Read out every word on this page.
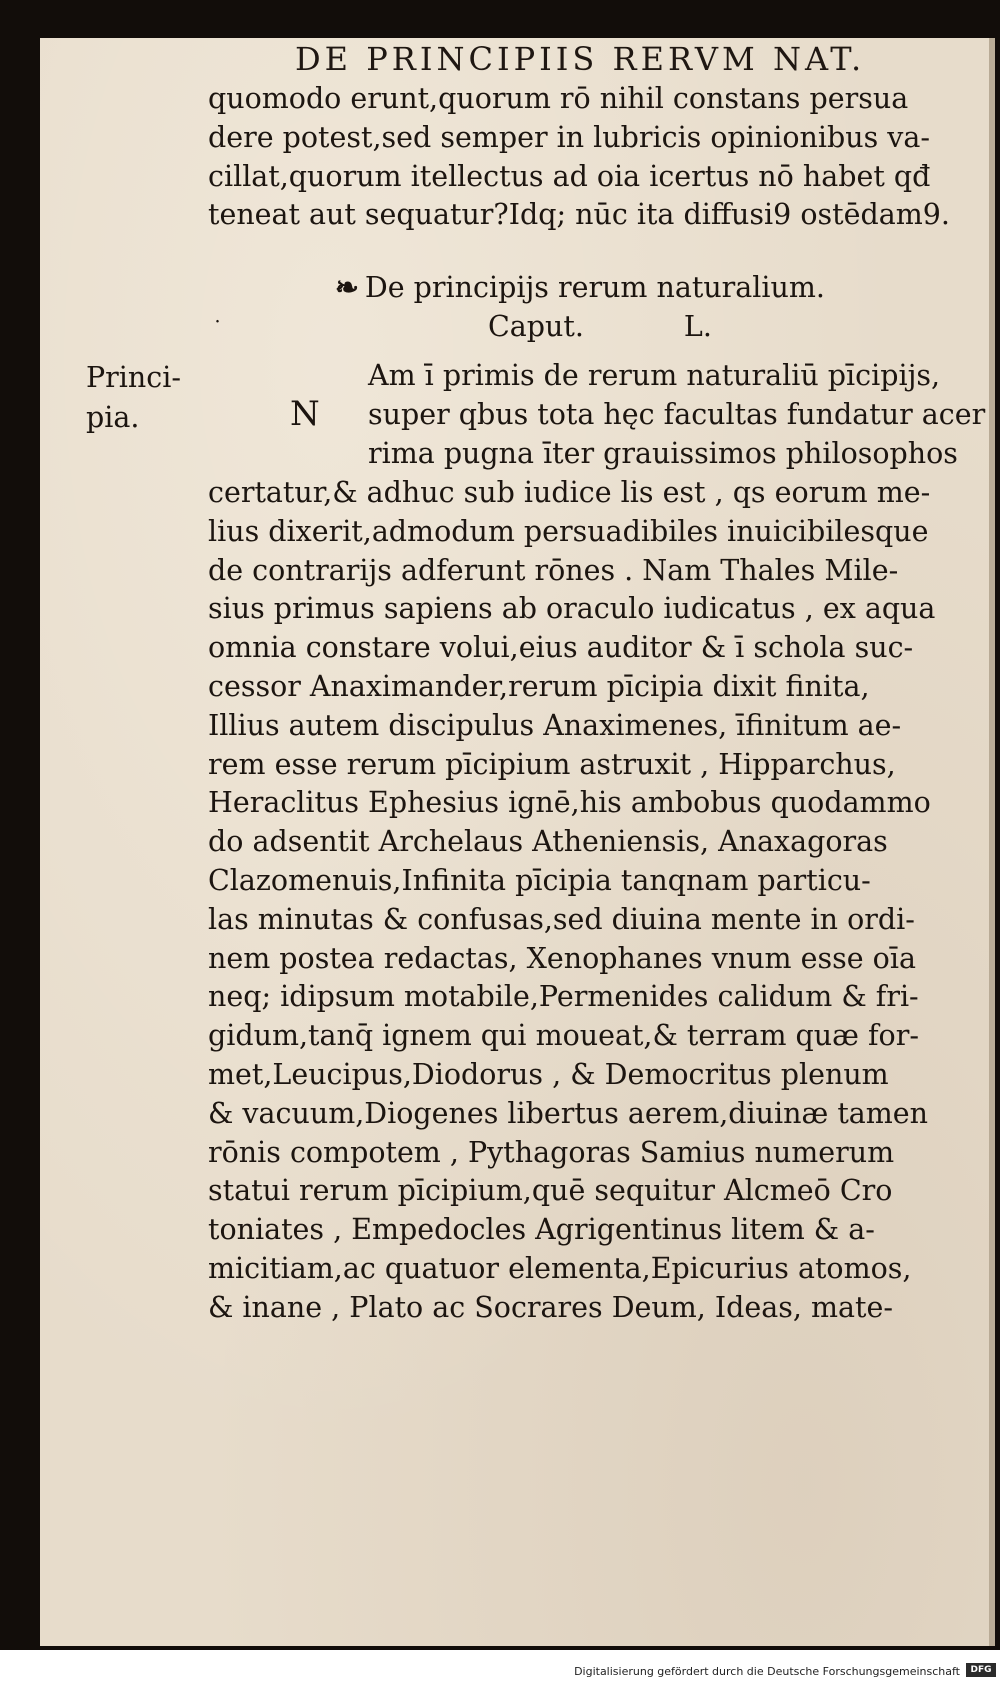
DE PRINCIPIIS RERVM NAT.
quomodo erunt,quorum rō nihil constans persua
dere potest,sed semper in lubricis opinionibus va-
cillat,quorum itellectus ad oia icertus nō habet qđ
teneat aut sequatur?Idq; nūc ita diffusi9 ostēdam9.
❧ De principijs rerum naturalium.
Caput.	L.
˙
Princi-
pia.	N
Am ī primis de rerum naturaliū pīcipijs,
super qbus tota hęc facultas fundatur acer
rima pugna īter grauissimos philosophos
certatur,& adhuc sub iudice lis est , qs eorum me-
lius dixerit,admodum persuadibiles inuicibilesque
de contrarijs adferunt rōnes . Nam Thales Mile-
sius primus sapiens ab oraculo iudicatus , ex aqua
omnia constare volui,eius auditor & ī schola suc-
cessor Anaximander,rerum pīcipia dixit finita,
Illius autem discipulus Anaximenes, īfinitum ae-
rem esse rerum pīcipium astruxit , Hipparchus,
Heraclitus Ephesius ignē,his ambobus quodammo
do adsentit Archelaus Atheniensis, Anaxagoras
Clazomenuis,Infinita pīcipia tanqnam particu-
las minutas & confusas,sed diuina mente in ordi-
nem postea redactas, Xenophanes vnum esse oīa
neq; idipsum motabile,Permenides calidum & fri-
gidum,tanq̄ ignem qui moueat,& terram quæ for-
met,Leucipus,Diodorus , & Democritus plenum
& vacuum,Diogenes libertus aerem,diuinæ tamen
rōnis compotem , Pythagoras Samius numerum
statui rerum pīcipium,quē sequitur Alcmeō Cro
toniates , Empedocles Agrigentinus litem & a-
micitiam,ac quatuor elementa,Epicurius atomos,
& inane , Plato ac Socrares Deum, Ideas, mate-
Digitalisierung gefördert durch die Deutsche Forschungsgemeinschaft	DFG
